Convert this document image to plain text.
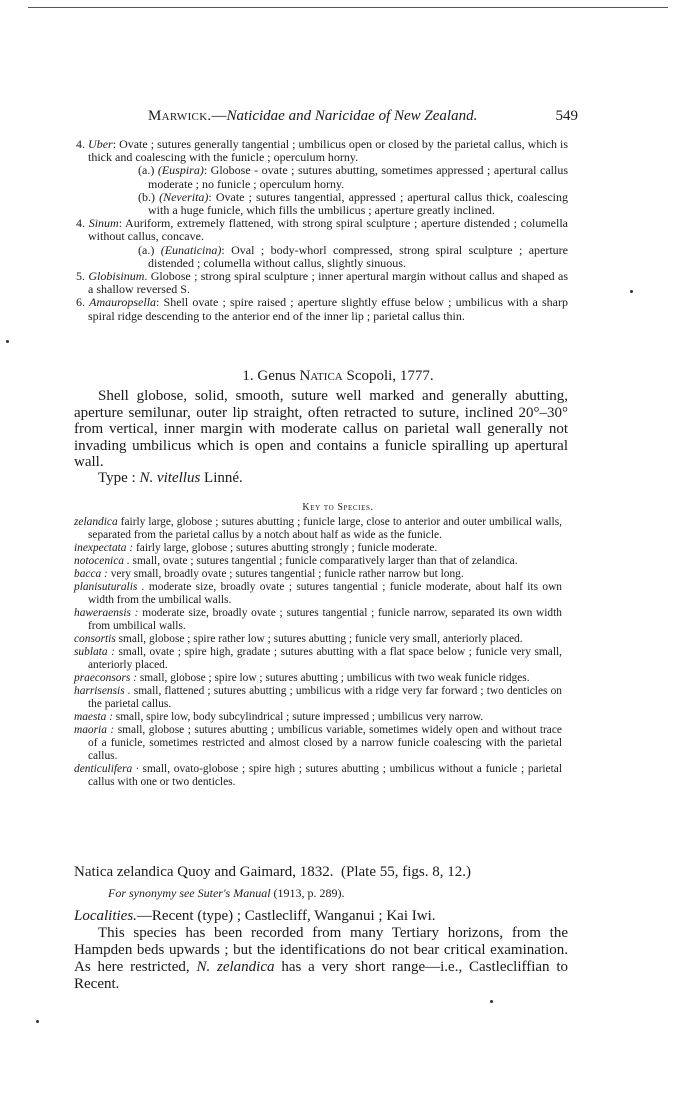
Marwick.—Naticidae and Naricidae of New Zealand.	549
4. Uber: Ovate ; sutures generally tangential ; umbilicus open or closed by the parietal callus, which is thick and coalescing with the funicle ; operculum horny.
(a.) (Euspira): Globose - ovate ; sutures abutting, sometimes appressed ; apertural callus moderate ; no funicle ; operculum horny.
(b.) (Neverita): Ovate ; sutures tangential, appressed ; apertural callus thick, coalescing with a huge funicle, which fills the umbilicus ; aperture greatly inclined.
4. Sinum: Auriform, extremely flattened, with strong spiral sculpture ; aperture distended ; columella without callus, concave.
(a.) (Eunaticina): Oval ; body-whorl compressed, strong spiral sculpture ; aperture distended ; columella without callus, slightly sinuous.
5. Globisinum. Globose ; strong spiral sculpture ; inner apertural margin without callus and shaped as a shallow reversed S.
6. Amauropsella: Shell ovate ; spire raised ; aperture slightly effuse below ; umbilicus with a sharp spiral ridge descending to the anterior end of the inner lip ; parietal callus thin.
1. Genus Natica Scopoli, 1777.
Shell globose, solid, smooth, suture well marked and generally abutting, aperture semilunar, outer lip straight, often retracted to suture, inclined 20°–30° from vertical, inner margin with moderate callus on parietal wall generally not invading umbilicus which is open and contains a funicle spiralling up apertural wall.
Type : N. vitellus Linné.
Key to Species.

zelandica fairly large, globose ; sutures abutting ; funicle large, close to anterior and outer umbilical walls, separated from the parietal callus by a notch about half as wide as the funicle.

inexpectata : fairly large, globose ; sutures abutting strongly ; funicle moderate.

notocenica . small, ovate ; sutures tangential ; funicle comparatively larger than that of zelandica.

bacca : very small, broadly ovate ; sutures tangential ; funicle rather narrow but long.

planisuturalis . moderate size, broadly ovate ; sutures tangential ; funicle moderate, about half its own width from the umbilical walls.

haweraensis : moderate size, broadly ovate ; sutures tangential ; funicle narrow, separated its own width from umbilical walls.

consortis small, globose ; spire rather low ; sutures abutting ; funicle very small, anteriorly placed.

sublata : small, ovate ; spire high, gradate ; sutures abutting with a flat space below ; funicle very small, anteriorly placed.

praeconsors : small, globose ; spire low ; sutures abutting ; umbilicus with two weak funicle ridges.

harrisensis . small, flattened ; sutures abutting ; umbilicus with a ridge very far forward ; two denticles on the parietal callus.

maesta : small, spire low, body subcylindrical ; suture impressed ; umbilicus very narrow.

maoria : small, globose ; sutures abutting ; umbilicus variable, sometimes widely open and without trace of a funicle, sometimes restricted and almost closed by a narrow funicle coalescing with the parietal callus.

denticulifera · small, ovato-globose ; spire high ; sutures abutting ; umbilicus without a funicle ; parietal callus with one or two denticles.

Natica zelandica Quoy and Gaimard, 1832. (Plate 55, figs. 8, 12.)
For synonymy see Suter's Manual (1913, p. 289).
Localities.—Recent (type) ; Castlecliff, Wanganui ; Kai Iwi.
This species has been recorded from many Tertiary horizons, from the Hampden beds upwards ; but the identifications do not bear critical examination. As here restricted, N. zelandica has a very short range—i.e., Castlecliffian to Recent.
